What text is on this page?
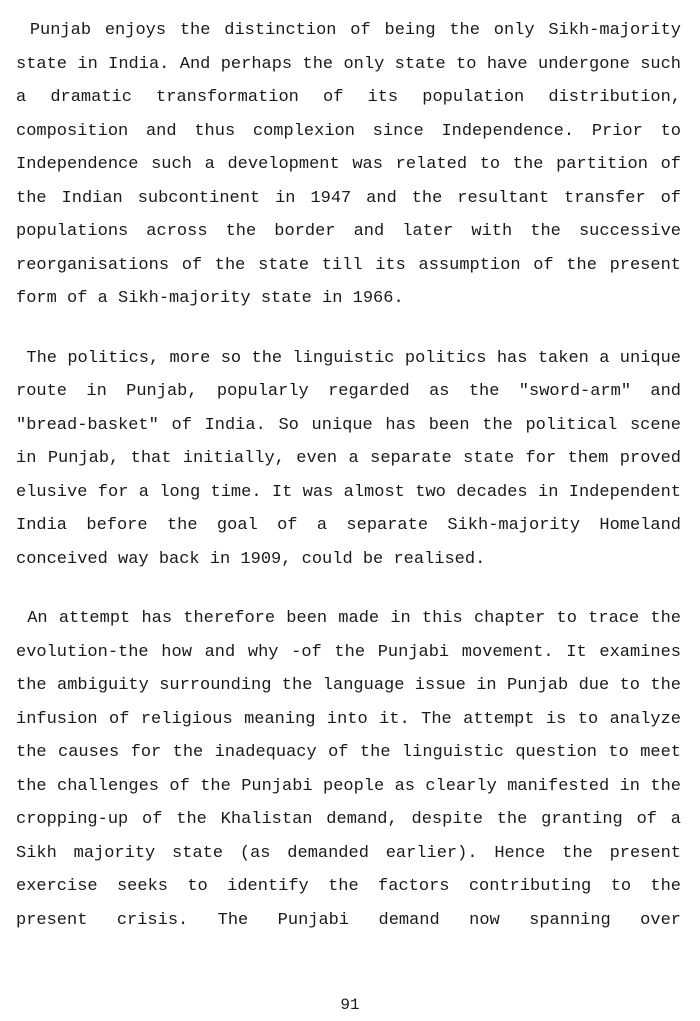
Punjab enjoys the distinction of being the only Sikh-majority
state in India. And perhaps the only state to have undergone such
a dramatic transformation of its population distribution,
composition and thus complexion since Independence. Prior to
Independence such a development was related to the partition of
the Indian subcontinent in 1947 and the resultant transfer of
populations across the border and later with the successive
reorganisations of the state till its assumption of the present
form of a Sikh-majority state in 1966.
The politics, more so the linguistic politics has taken a unique
route in Punjab, popularly regarded as the "sword-arm" and
"bread-basket" of India. So unique has been the political scene
in Punjab, that initially, even a separate state for them proved
elusive for a long time. It was almost two decades in Independent
India before the goal of a separate Sikh-majority Homeland
conceived way back in 1909, could be realised.
An attempt has therefore been made in this chapter to trace the
evolution-the how and why -of the Punjabi movement. It examines
the ambiguity surrounding the language issue in Punjab due to the
infusion of religious meaning into it. The attempt is to analyze
the causes for the inadequacy of the linguistic question to meet
the challenges of the Punjabi people as clearly manifested in the
cropping-up of the Khalistan demand, despite the granting of a
Sikh majority state (as demanded earlier). Hence the present
exercise seeks to identify the factors contributing to the
present crisis. The Punjabi demand now spanning over
91
